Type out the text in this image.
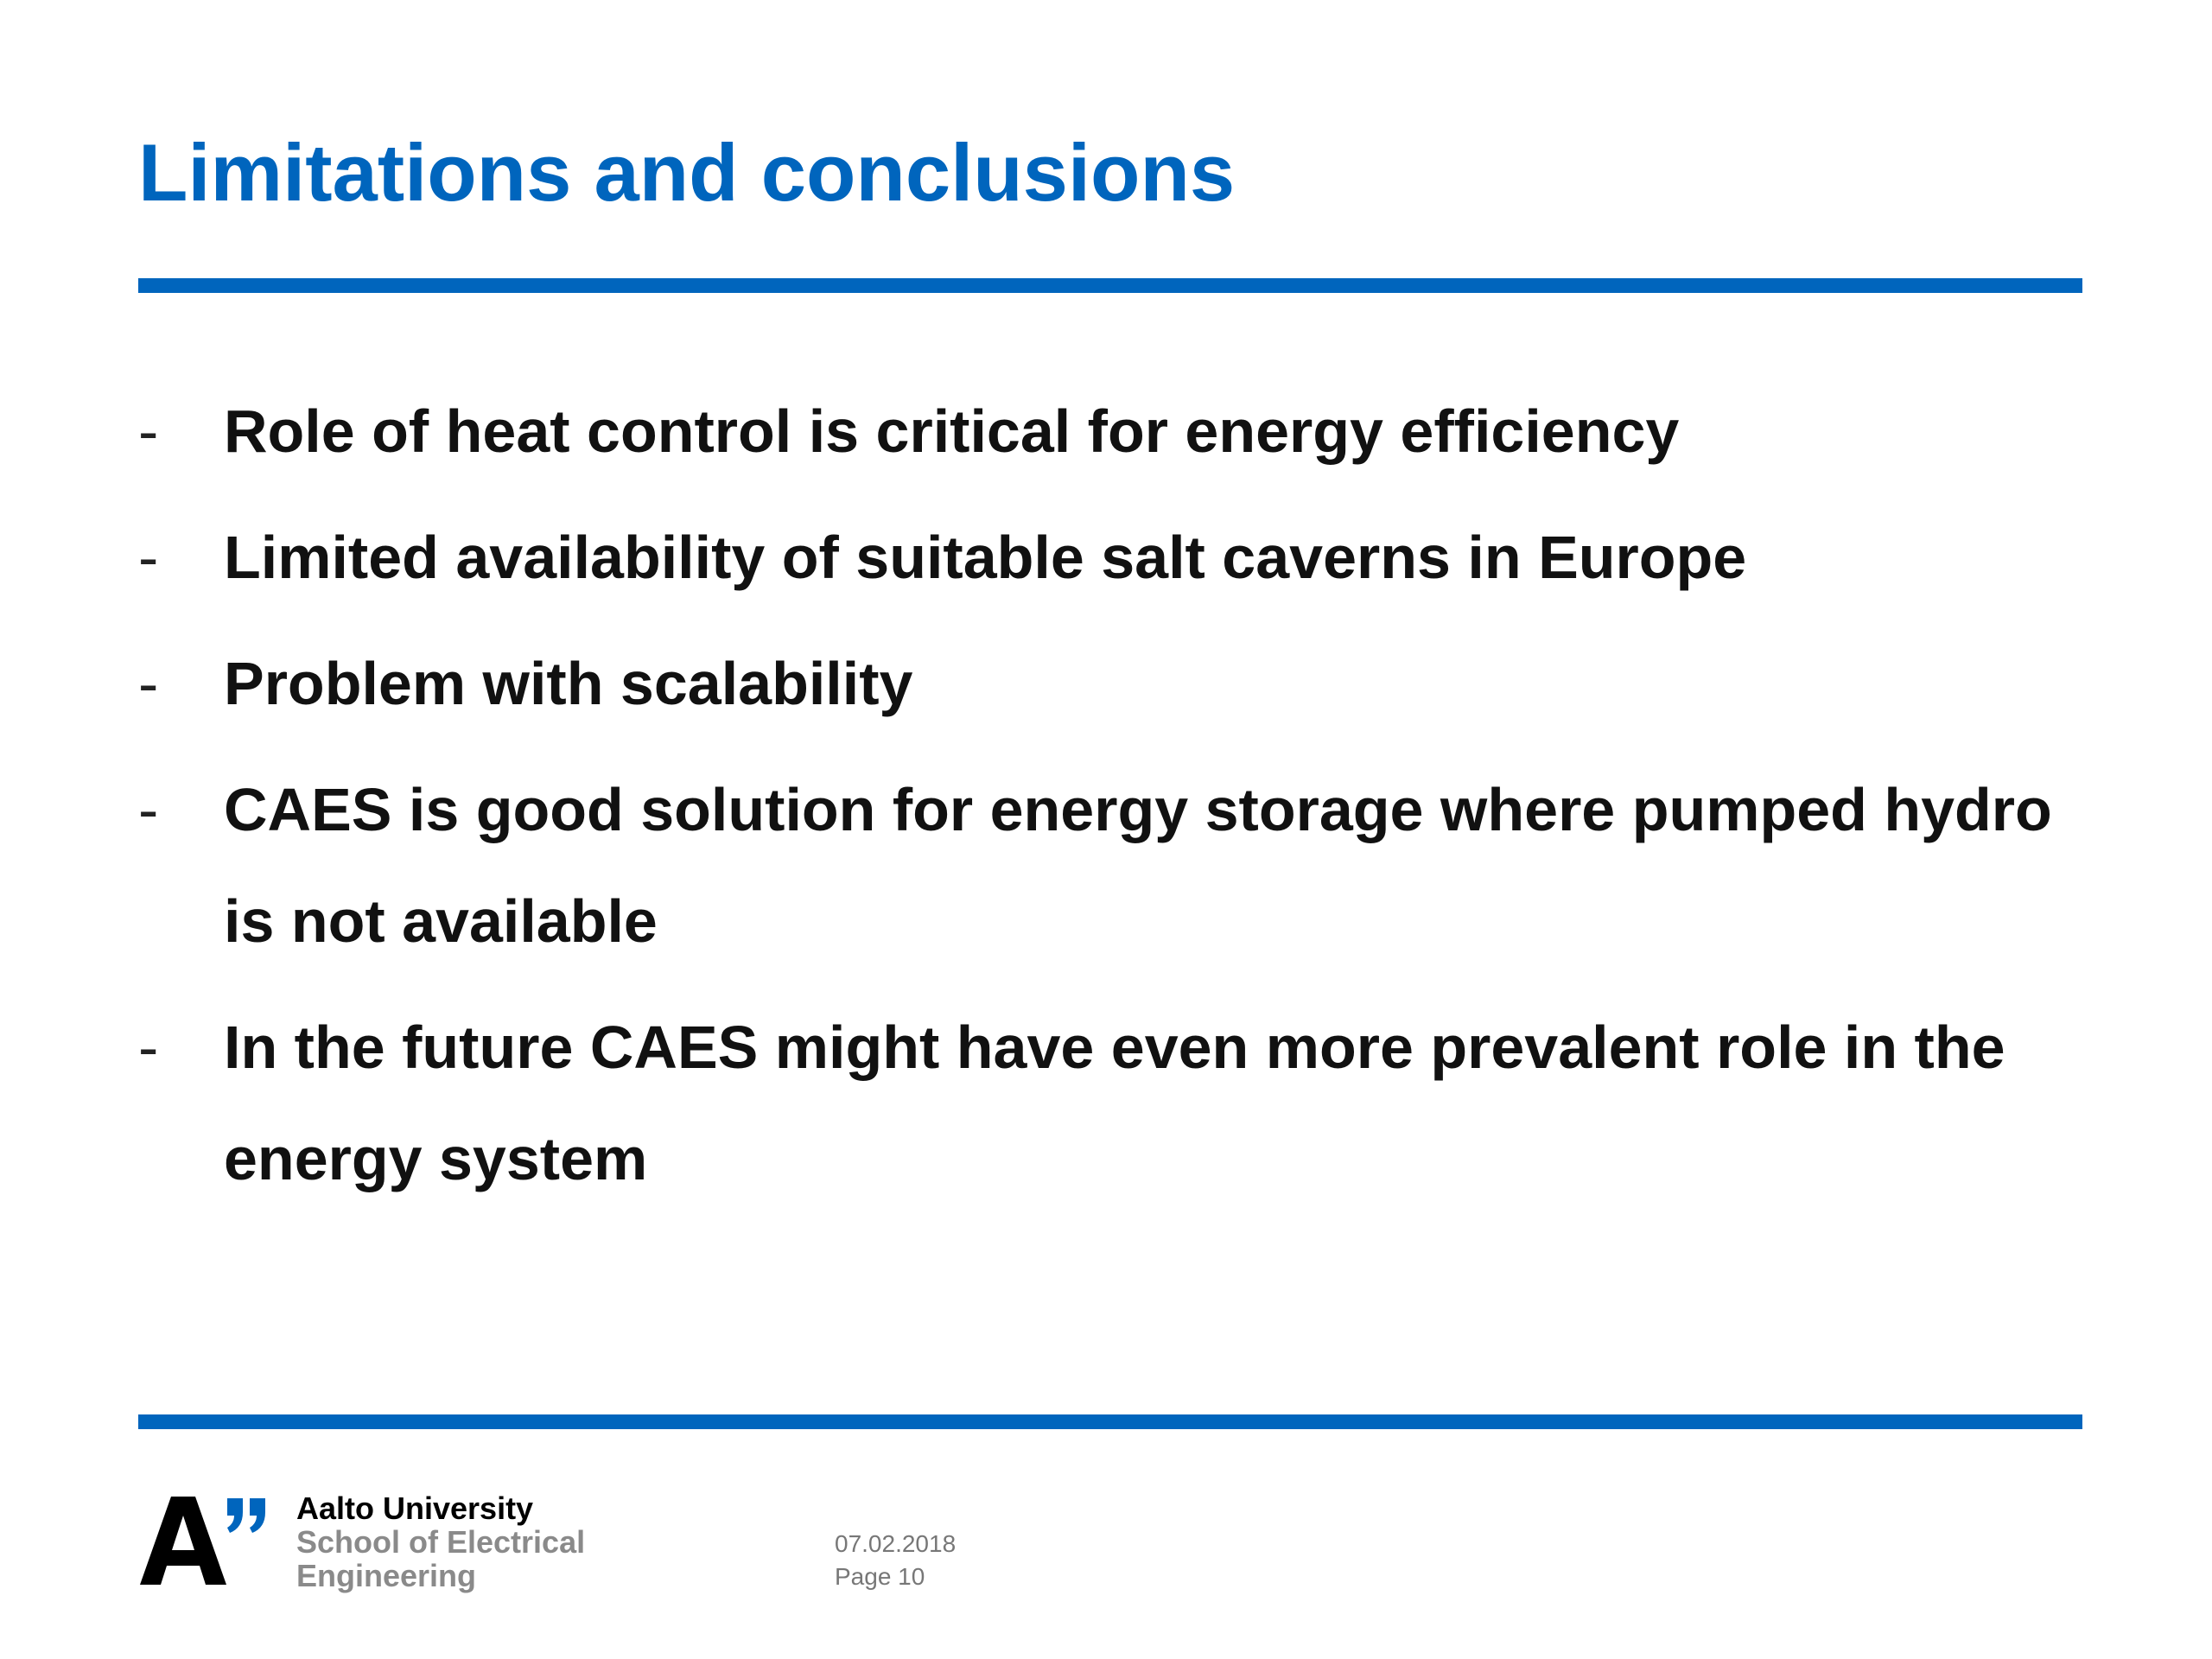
Limitations and conclusions
- Role of heat control is critical for energy efficiency
- Limited availability of suitable salt caverns in Europe
- Problem with scalability
- CAES is good solution for energy storage where pumped hydro is not available
- In the future CAES might have even more prevalent role in the energy system
Aalto University
School of Electrical
Engineering
07.02.2018
Page 10
